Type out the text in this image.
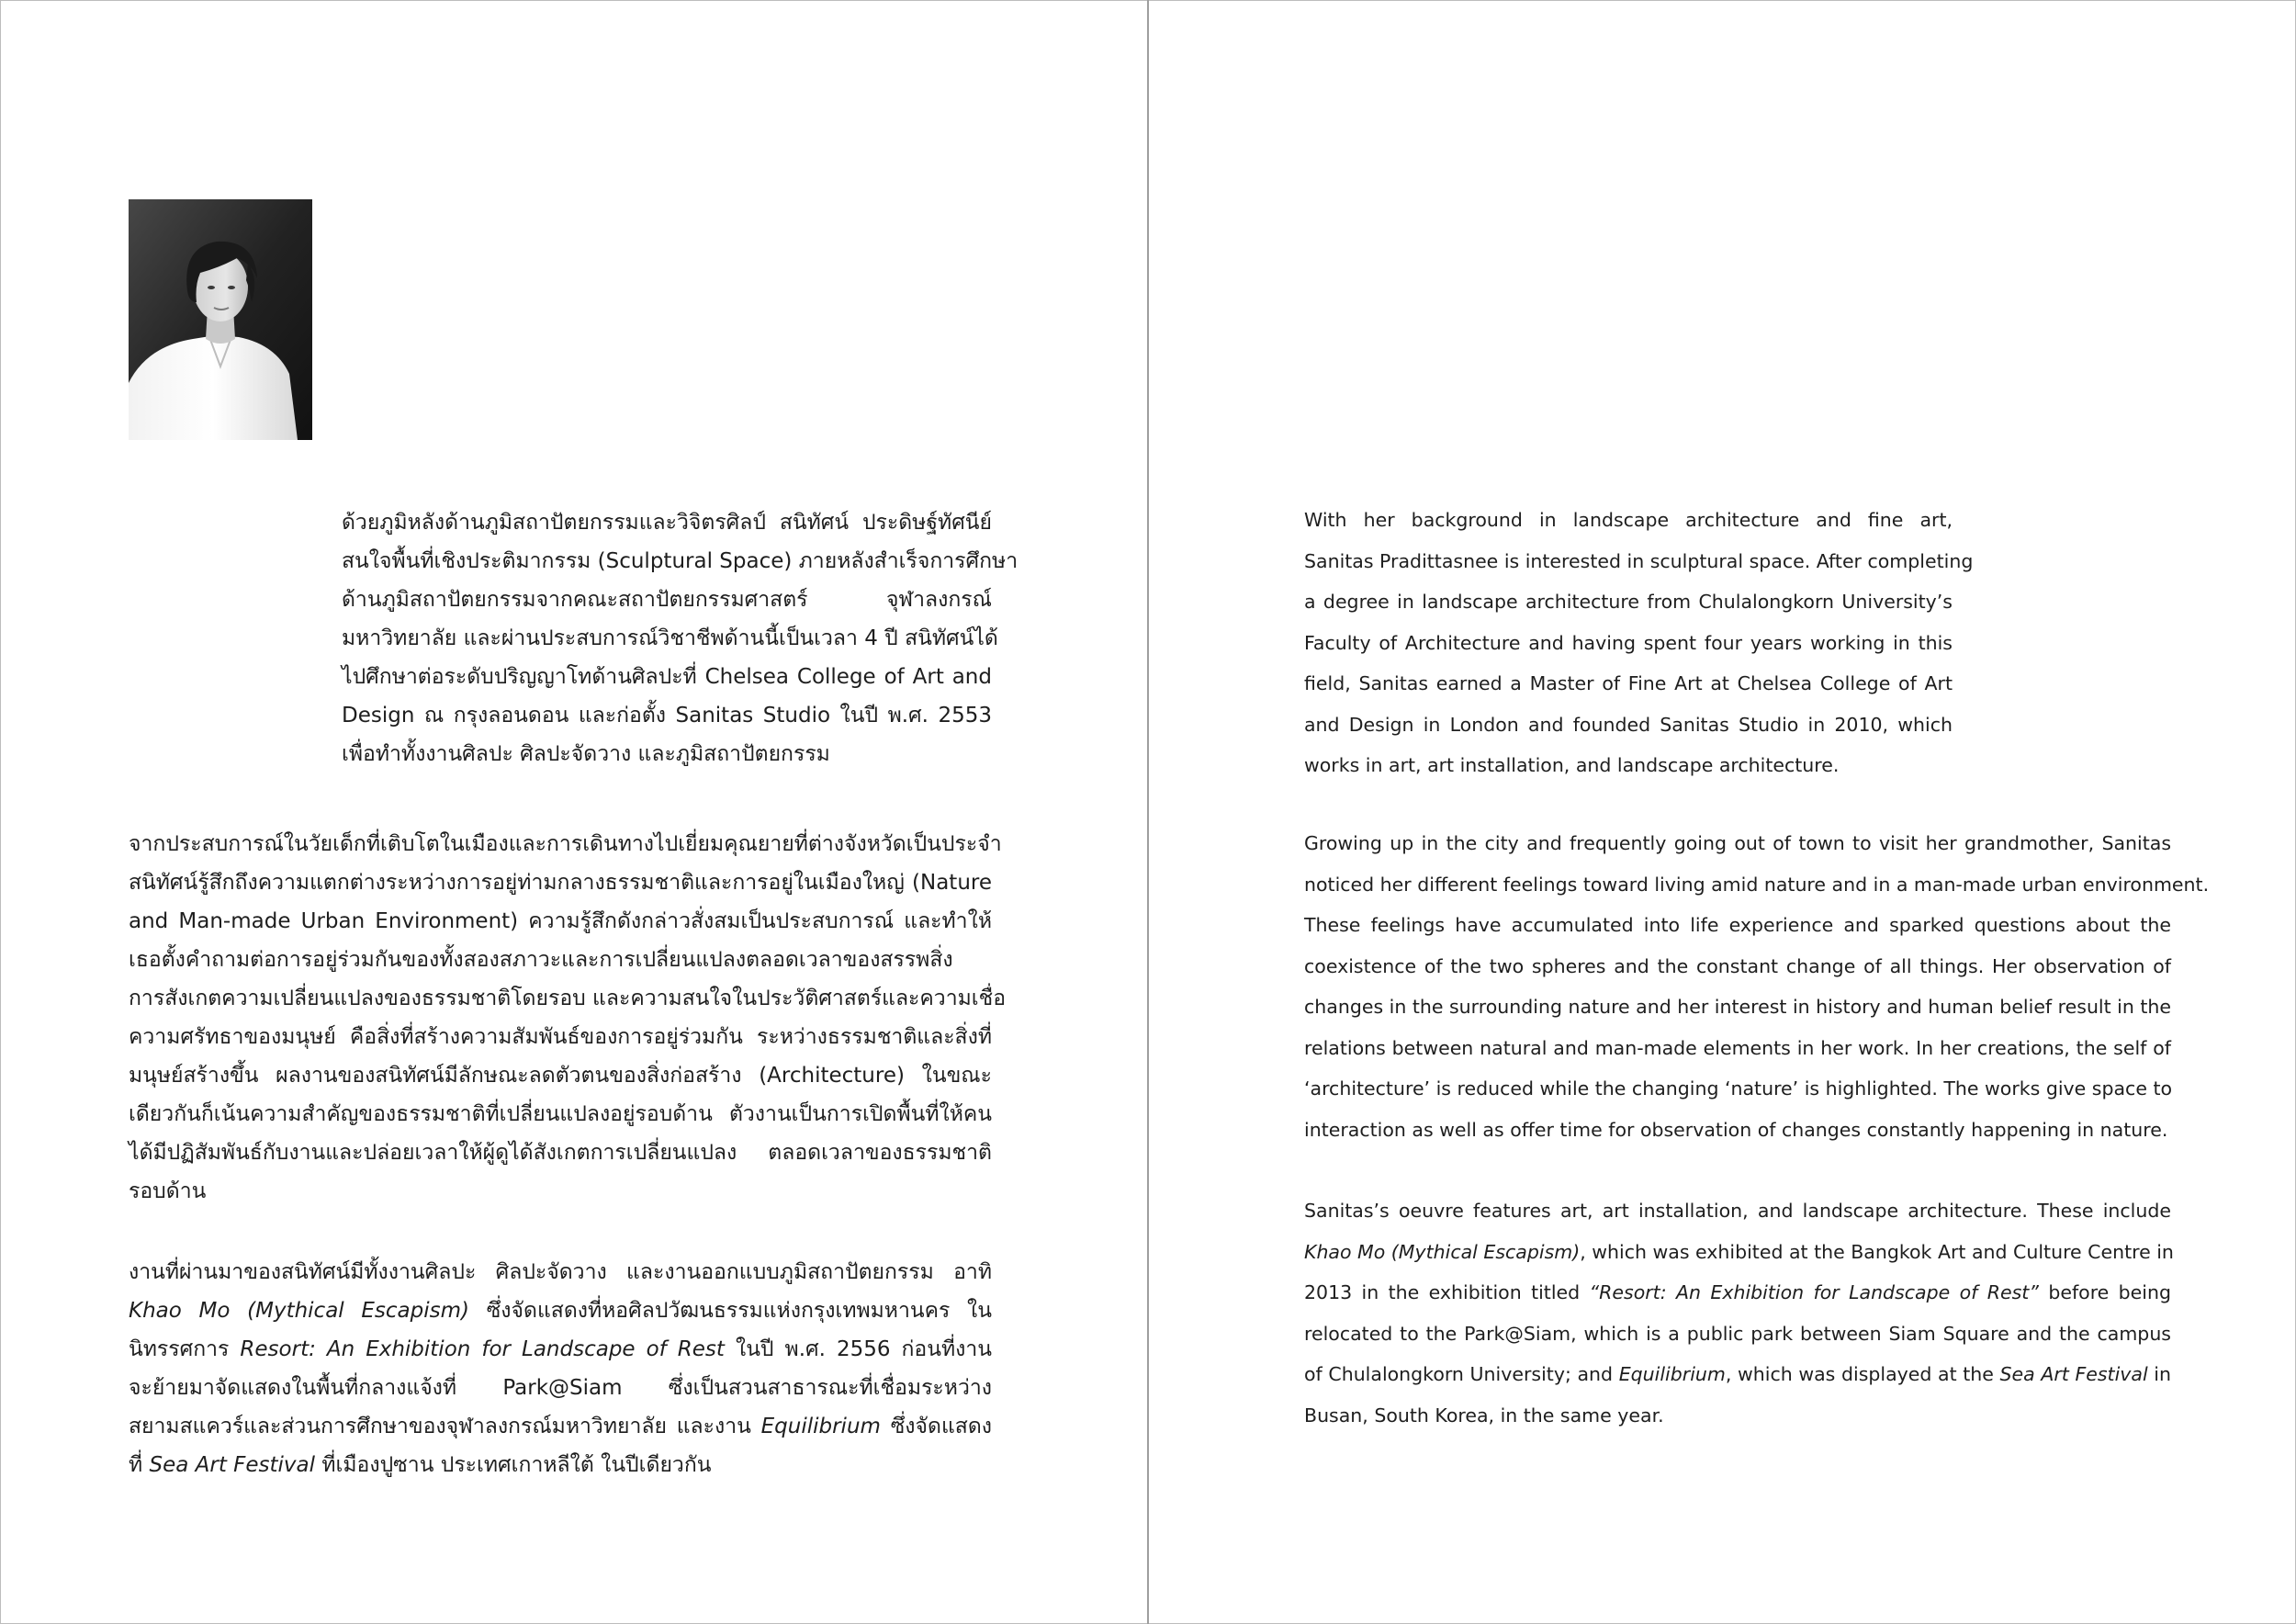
ด้วยภูมิหลังด้านภูมิสถาปัตยกรรมและวิจิตรศิลป์ สนิทัศน์ ประดิษฐ์ทัศนีย์
สนใจพื้นที่เชิงประติมากรรม (Sculptural Space) ภายหลังสำเร็จการศึกษา
ด้านภูมิสถาปัตยกรรมจากคณะสถาปัตยกรรมศาสตร์ จุฬาลงกรณ์
มหาวิทยาลัย และผ่านประสบการณ์วิชาชีพด้านนี้เป็นเวลา 4 ปี สนิทัศน์ได้
ไปศึกษาต่อระดับปริญญาโทด้านศิลปะที่ Chelsea College of Art and
Design ณ กรุงลอนดอน และก่อตั้ง Sanitas Studio ในปี พ.ศ. 2553
เพื่อทำทั้งงานศิลปะ ศิลปะจัดวาง และภูมิสถาปัตยกรรม
จากประสบการณ์ในวัยเด็กที่เติบโตในเมืองและการเดินทางไปเยี่ยมคุณยายที่ต่างจังหวัดเป็นประจำ
สนิทัศน์รู้สึกถึงความแตกต่างระหว่างการอยู่ท่ามกลางธรรมชาติและการอยู่ในเมืองใหญ่ (Nature
and Man-made Urban Environment) ความรู้สึกดังกล่าวสั่งสมเป็นประสบการณ์ และทำให้
เธอตั้งคำถามต่อการอยู่ร่วมกันของทั้งสองสภาวะและการเปลี่ยนแปลงตลอดเวลาของสรรพสิ่ง
การสังเกตความเปลี่ยนแปลงของธรรมชาติโดยรอบ และความสนใจในประวัติศาสตร์และความเชื่อ
ความศรัทธาของมนุษย์ คือสิ่งที่สร้างความสัมพันธ์ของการอยู่ร่วมกัน ระหว่างธรรมชาติและสิ่งที่
มนุษย์สร้างขึ้น ผลงานของสนิทัศน์มีลักษณะลดตัวตนของสิ่งก่อสร้าง (Architecture) ในขณะ
เดียวกันก็เน้นความสำคัญของธรรมชาติที่เปลี่ยนแปลงอยู่รอบด้าน ตัวงานเป็นการเปิดพื้นที่ให้คน
ได้มีปฏิสัมพันธ์กับงานและปล่อยเวลาให้ผู้ดูได้สังเกตการเปลี่ยนแปลง ตลอดเวลาของธรรมชาติ
รอบด้าน
งานที่ผ่านมาของสนิทัศน์มีทั้งงานศิลปะ ศิลปะจัดวาง และงานออกแบบภูมิสถาปัตยกรรม อาทิ
Khao Mo (Mythical Escapism) ซึ่งจัดแสดงที่หอศิลปวัฒนธรรมแห่งกรุงเทพมหานคร ใน
นิทรรศการ Resort: An Exhibition for Landscape of Rest ในปี พ.ศ. 2556 ก่อนที่งาน
จะย้ายมาจัดแสดงในพื้นที่กลางแจ้งที่ Park@Siam ซึ่งเป็นสวนสาธารณะที่เชื่อมระหว่าง
สยามสแควร์และส่วนการศึกษาของจุฬาลงกรณ์มหาวิทยาลัย และงาน Equilibrium ซึ่งจัดแสดง
ที่ Sea Art Festival ที่เมืองปูซาน ประเทศเกาหลีใต้ ในปีเดียวกัน
With her background in landscape architecture and fine art,
Sanitas Pradittasnee is interested in sculptural space. After completing
a degree in landscape architecture from Chulalongkorn University’s
Faculty of Architecture and having spent four years working in this
field, Sanitas earned a Master of Fine Art at Chelsea College of Art
and Design in London and founded Sanitas Studio in 2010, which
works in art, art installation, and landscape architecture.
Growing up in the city and frequently going out of town to visit her grandmother, Sanitas
noticed her different feelings toward living amid nature and in a man-made urban environment.
These feelings have accumulated into life experience and sparked questions about the
coexistence of the two spheres and the constant change of all things. Her observation of
changes in the surrounding nature and her interest in history and human belief result in the
relations between natural and man-made elements in her work. In her creations, the self of
‘architecture’ is reduced while the changing ‘nature’ is highlighted. The works give space to
interaction as well as offer time for observation of changes constantly happening in nature.
Sanitas’s oeuvre features art, art installation, and landscape architecture. These include
Khao Mo (Mythical Escapism), which was exhibited at the Bangkok Art and Culture Centre in
2013 in the exhibition titled “Resort: An Exhibition for Landscape of Rest” before being
relocated to the Park@Siam, which is a public park between Siam Square and the campus
of Chulalongkorn University; and Equilibrium, which was displayed at the Sea Art Festival in
Busan, South Korea, in the same year.
